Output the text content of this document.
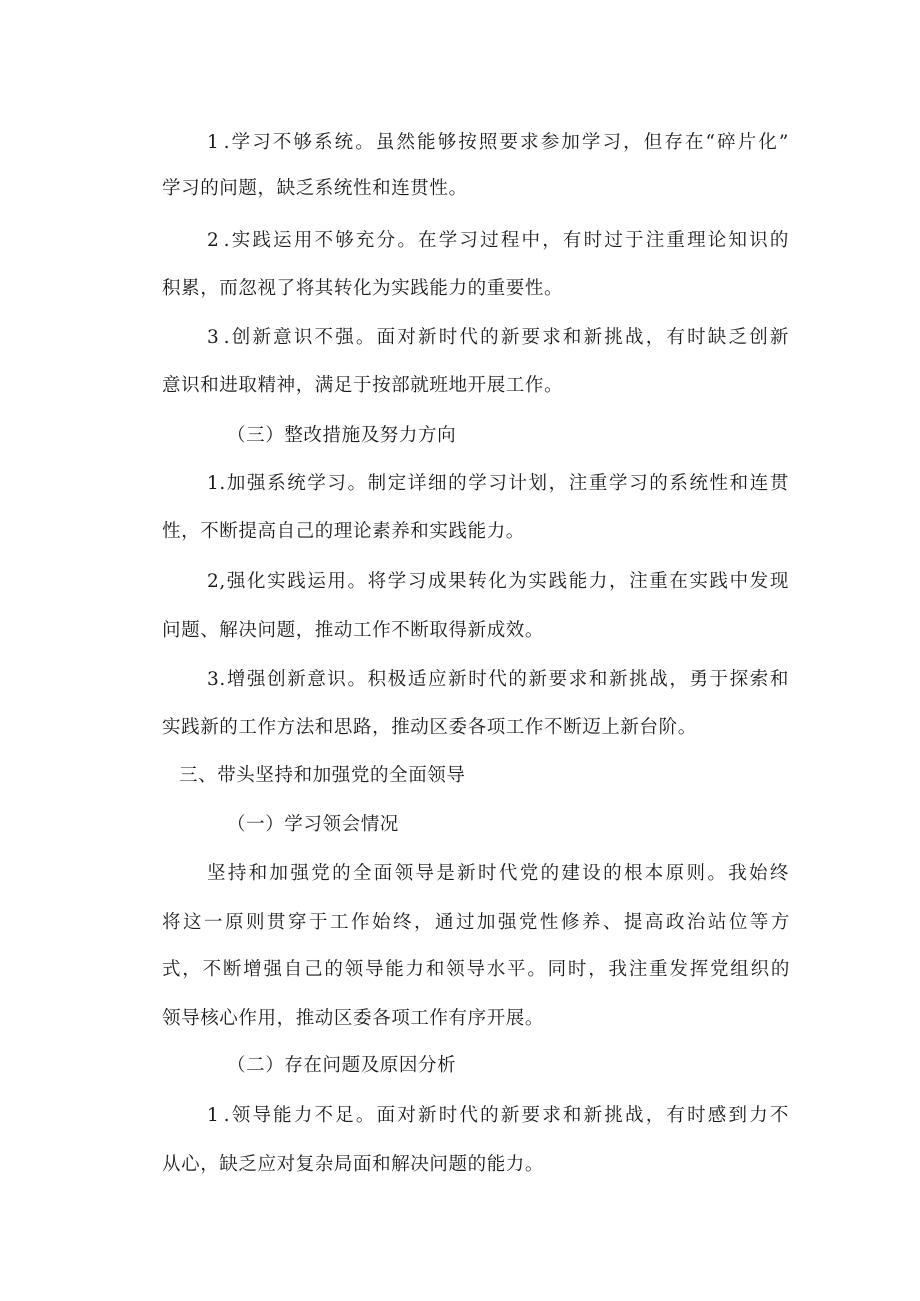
1 .学习不够系统。虽然能够按照要求参加学习，但存在“碎片化”

学习的问题，缺乏系统性和连贯性。

2 .实践运用不够充分。在学习过程中，有时过于注重理论知识的

积累，而忽视了将其转化为实践能力的重要性。

3 .创新意识不强。面对新时代的新要求和新挑战，有时缺乏创新

意识和进取精神，满足于按部就班地开展工作。

（三）整改措施及努力方向

1.加强系统学习。制定详细的学习计划，注重学习的系统性和连贯

性，不断提高自己的理论素养和实践能力。

2,强化实践运用。将学习成果转化为实践能力，注重在实践中发现

问题、解决问题，推动工作不断取得新成效。

3.增强创新意识。积极适应新时代的新要求和新挑战，勇于探索和

实践新的工作方法和思路，推动区委各项工作不断迈上新台阶。

三、带头坚持和加强党的全面领导

（一）学习领会情况

坚持和加强党的全面领导是新时代党的建设的根本原则。我始终

将这一原则贯穿于工作始终，通过加强党性修养、提高政治站位等方

式，不断增强自己的领导能力和领导水平。同时，我注重发挥党组织的

领导核心作用，推动区委各项工作有序开展。

（二）存在问题及原因分析

1 .领导能力不足。面对新时代的新要求和新挑战，有时感到力不

从心，缺乏应对复杂局面和解决问题的能力。
